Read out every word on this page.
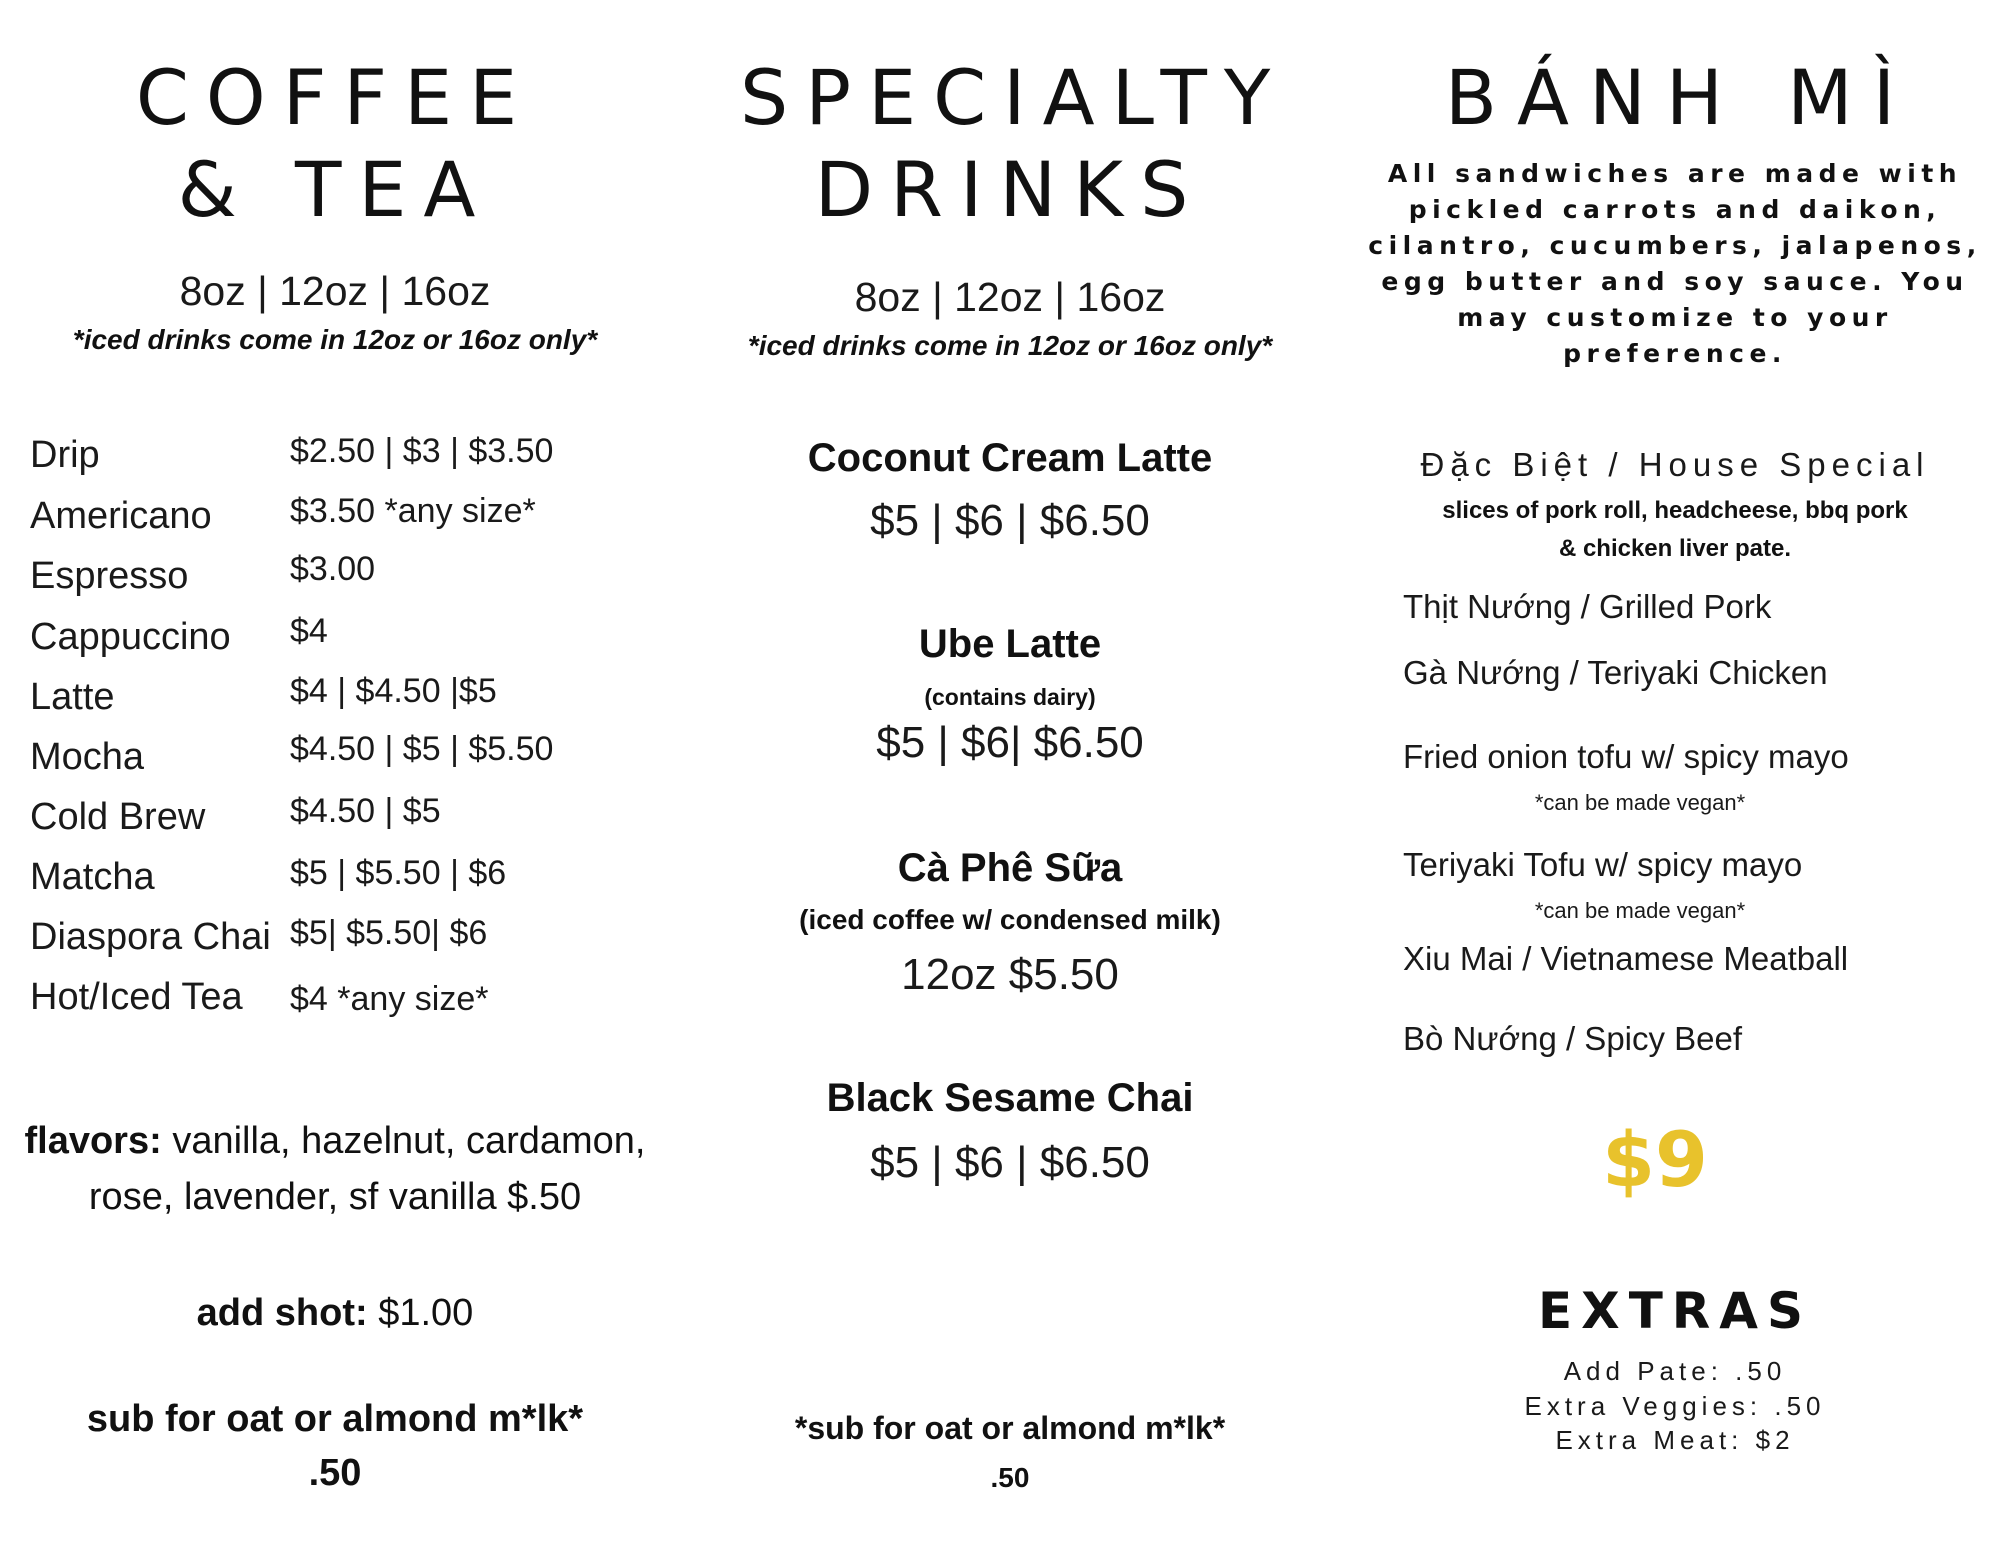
COFFEE
& TEA
8oz | 12oz | 16oz
*iced drinks come in 12oz or 16oz only*
Drip	$2.50 | $3 | $3.50
Americano $3.50 *any size*
Espresso	$3.00
Cappuccino $4
Latte	$4 | $4.50 |$5
Mocha	$4.50 | $5 | $5.50
Cold Brew $4.50 | $5
Matcha	$5 | $5.50 | $6
Diaspora Chai $5| $5.50| $6
Hot/Iced Tea $4 *any size*
flavors: vanilla, hazelnut, cardamon,
rose, lavender, sf vanilla $.50
add shot: $1.00
sub for oat or almond m*lk*
.50
SPECIALTY
DRINKS
8oz | 12oz | 16oz
*iced drinks come in 12oz or 16oz only*
Coconut Cream Latte
$5 | $6 | $6.50
Ube Latte
(contains dairy)
$5 | $6| $6.50
Cà Phê Sữa
(iced coffee w/ condensed milk)
12oz $5.50
Black Sesame Chai
$5 | $6 | $6.50
*sub for oat or almond m*lk*
.50
BÁNH MÌ
All sandwiches are made with pickled carrots and daikon, cilantro, cucumbers, jalapenos, egg butter and soy sauce. You may customize to your preference.
Đặc Biệt / House Special
slices of pork roll, headcheese, bbq pork
& chicken liver pate.
Thịt Nướng / Grilled Pork
Gà Nướng / Teriyaki Chicken
Fried onion tofu w/ spicy mayo
*can be made vegan*
Teriyaki Tofu w/ spicy mayo
*can be made vegan*
Xiu Mai / Vietnamese Meatball
Bò Nướng / Spicy Beef
$9
EXTRAS
Add Pate: .50
Extra Veggies: .50
Extra Meat: $2
